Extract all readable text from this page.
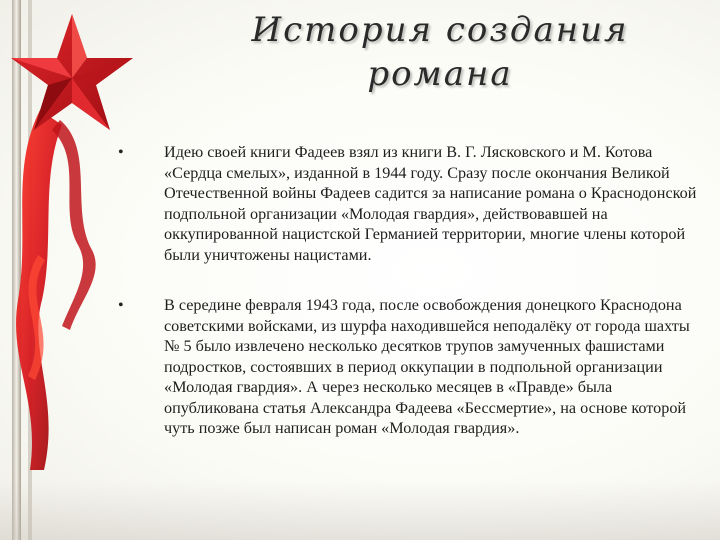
История создания
романа
•	Идею своей книги Фадеев взял из книги В. Г. Лясковского и М. Котова «Сердца смелых», изданной в 1944 году. Сразу после окончания Великой Отечественной войны Фадеев садится за написание романа о Краснодонской подпольной организации «Молодая гвардия», действовавшей на оккупированной нацистской Германией территории, многие члены которой были уничтожены нацистами.

•	В середине февраля 1943 года, после освобождения донецкого Краснодона советскими войсками, из шурфа находившейся неподалёку от города шахты № 5 было извлечено несколько десятков трупов замученных фашистами подростков, состоявших в период оккупации в подпольной организации «Молодая гвардия». А через несколько месяцев в «Правде» была опубликована статья Александра Фадеева «Бессмертие», на основе которой чуть позже был написан роман «Молодая гвардия».
